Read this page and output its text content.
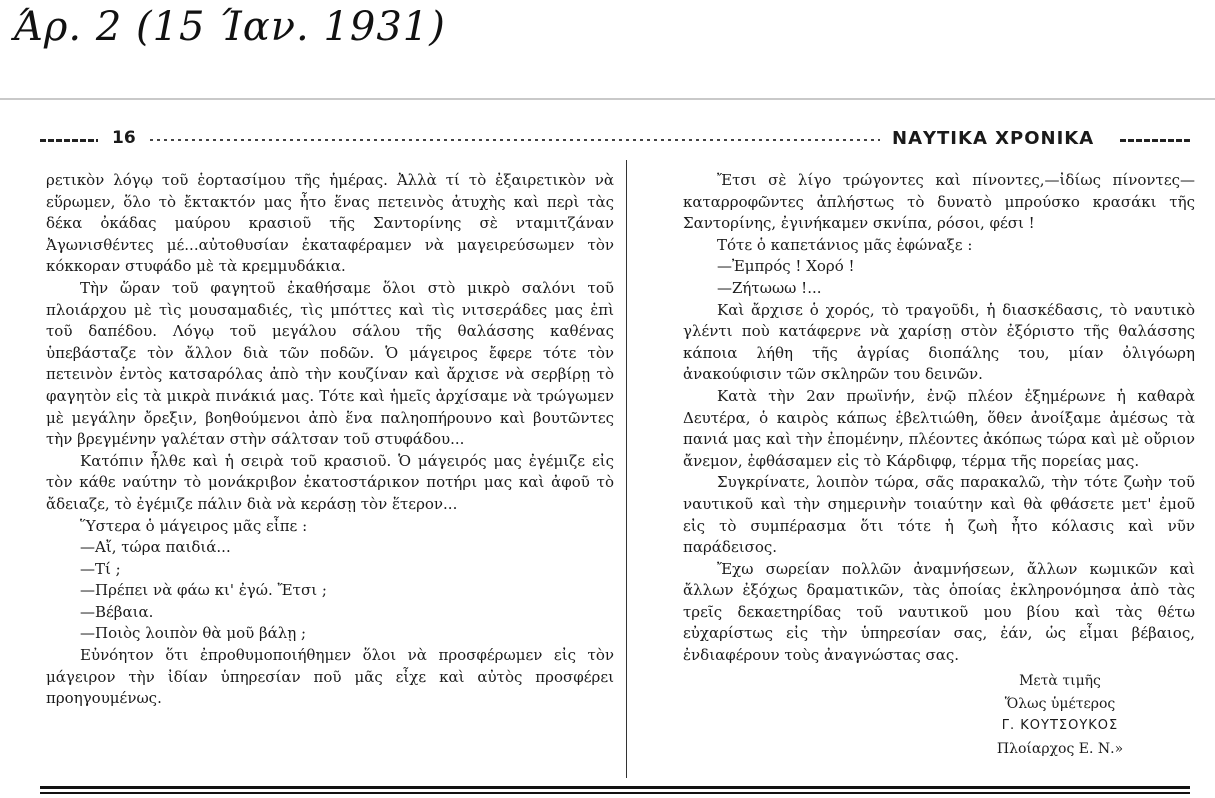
Άρ. 2 (15 Ίαν. 1931)
16	ΝΑΥΤΙΚΑ ΧΡΟΝΙΚΑ

ρετικὸν λόγῳ τοῦ ἑορτασίμου τῆς ἡμέρας. Ἀλλὰ τί τὸ ἐξαιρετικὸν νὰ εὕρωμεν, ὅλο τὸ ἔκτακτόν μας ἦτο ἕνας πετεινὸς ἀτυχὴς καὶ περὶ τὰς δέκα ὀκάδας μαύρου κρασιοῦ τῆς Σαντορίνης σὲ νταμιτζάναν Ἀγωνισθέντες μέ...αὐτοθυσίαν ἐκαταφέραμεν νὰ μαγειρεύσωμεν τὸν κόκκοραν στυφάδο μὲ τὰ κρεμμυδάκια.

Τὴν ὥραν τοῦ φαγητοῦ ἐκαθήσαμε ὅλοι στὸ μικρὸ σαλόνι τοῦ πλοιάρχου μὲ τὶς μουσαμαδιές, τὶς μπόττες καὶ τὶς νιτσεράδες μας ἐπὶ τοῦ δαπέδου. Λόγῳ τοῦ μεγάλου σάλου τῆς θαλάσσης καθένας ὑπεβάσταζε τὸν ἄλλον διὰ τῶν ποδῶν. Ὁ μάγειρος ἔφερε τότε τὸν πετεινὸν ἐντὸς κατσαρόλας ἀπὸ τὴν κουζίναν καὶ ἄρχισε νὰ σερβίρῃ τὸ φαγητὸν εἰς τὰ μικρὰ πινάκιά μας. Τότε καὶ ἡμεῖς ἀρχίσαμε νὰ τρώγωμεν μὲ μεγάλην ὄρεξιν, βοηθούμενοι ἀπὸ ἕνα παληοπήρουνο καὶ βουτῶντες τὴν βρεγμένην γαλέταν στὴν σάλτσαν τοῦ στυφάδου...

Κατόπιν ἦλθε καὶ ἡ σειρὰ τοῦ κρασιοῦ. Ὁ μάγειρός μας ἐγέμιζε εἰς τὸν κάθε ναύτην τὸ μονάκριβον ἐκατοστάρικον ποτήρι μας καὶ ἀφοῦ τὸ ἄδειαζε, τὸ ἐγέμιζε πάλιν διὰ νὰ κεράσῃ τὸν ἕτερον...

Ὕστερα ὁ μάγειρος μᾶς εἶπε :

—Αἴ, τώρα παιδιά...

—Τί ;

—Πρέπει νὰ φάω κι' ἐγώ. Ἔτσι ;

—Βέβαια.

—Ποιὸς λοιπὸν θὰ μοῦ βάλῃ ;

Εὐνόητον ὅτι ἐπροθυμοποιήθημεν ὅλοι νὰ προσφέρωμεν εἰς τὸν μάγειρον τὴν ἰδίαν ὑπηρεσίαν ποῦ μᾶς εἶχε καὶ αὐτὸς προσφέρει προηγουμένως.

Ἔτσι σὲ λίγο τρώγοντες καὶ πίνοντες,—ἰδίως πίνοντες—καταρροφῶντες ἀπλήστως τὸ δυνατὸ μπρούσκο κρασάκι τῆς Σαντορίνης, ἐγινήκαμεν σκνίπα, ρόσοι, φέσι !

Τότε ὁ καπετάνιος μᾶς ἐφώναξε :

—Ἐμπρός ! Χορό !

—Ζήτωωω !...

Καὶ ἄρχισε ὁ χορός, τὸ τραγοῦδι, ἡ διασκέδασις, τὸ ναυτικὸ γλέντι ποὺ κατάφερνε νὰ χαρίσῃ στὸν ἐξόριστο τῆς θαλάσσης κάποια λήθη τῆς ἀγρίας διοπάλης του, μίαν ὀλιγόωρη ἀνακούφισιν τῶν σκληρῶν του δεινῶν.

Κατὰ τὴν 2αν πρωϊνήν, ἐνῷ πλέον ἐξημέρωνε ἡ καθαρὰ Δευτέρα, ὁ καιρὸς κάπως ἐβελτιώθη, ὅθεν ἀνοίξαμε ἀμέσως τὰ πανιά μας καὶ τὴν ἐπομένην, πλέοντες ἀκόπως τώρα καὶ μὲ οὔριον ἄνεμον, ἐφθάσαμεν εἰς τὸ Κάρδιφφ, τέρμα τῆς πορείας μας.

Συγκρίνατε, λοιπὸν τώρα, σᾶς παρακαλῶ, τὴν τότε ζωὴν τοῦ ναυτικοῦ καὶ τὴν σημερινὴν τοιαύτην καὶ θὰ φθάσετε μετ' ἐμοῦ εἰς τὸ συμπέρασμα ὅτι τότε ἡ ζωὴ ἦτο κόλασις καὶ νῦν παράδεισος.

Ἔχω σωρείαν πολλῶν ἀναμνήσεων, ἄλλων κωμικῶν καὶ ἄλλων ἐξόχως δραματικῶν, τὰς ὁποίας ἐκληρονόμησα ἀπὸ τὰς τρεῖς δεκαετηρίδας τοῦ ναυτικοῦ μου βίου καὶ τὰς θέτω εὐχαρίστως εἰς τὴν ὑπηρεσίαν σας, ἐάν, ὡς εἶμαι βέβαιος, ἐνδιαφέρουν τοὺς ἀναγνώστας σας.

Μετὰ τιμῆς
Ὅλως ὑμέτερος
Γ. ΚΟΥΤΣΟΥΚΟΣ
Πλοίαρχος Ε. Ν.»
